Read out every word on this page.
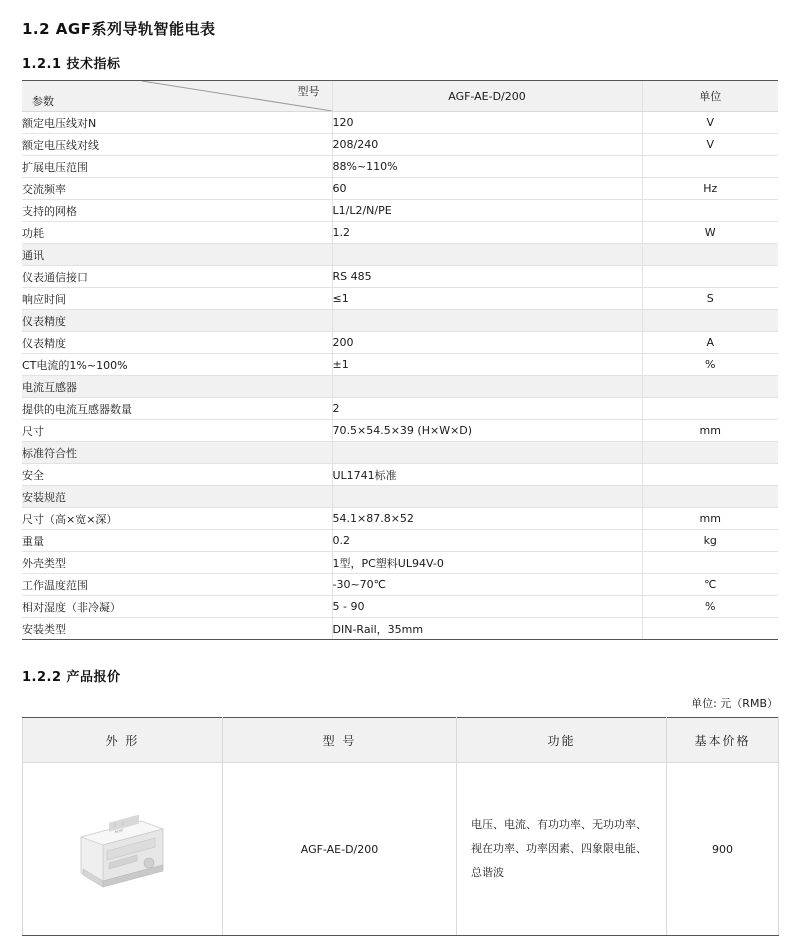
1.2 AGF系列导轨智能电表
1.2.1 技术指标
型号
参数	AGF-AE-D/200	单位
额定电压线对N	120	V
额定电压线对线	208/240	V
扩展电压范围	88%~110%	
交流频率	60	Hz
支持的网格	L1/L2/N/PE	
功耗	1.2	W
通讯		
仪表通信接口	RS 485	
响应时间	≤1	S
仪表精度		
仪表精度	200	A
CT电流的1%~100%	±1	%
电流互感器		
提供的电流互感器数量	2	
尺寸	70.5×54.5×39 (H×W×D)	mm
标准符合性		
安全	UL1741标准	
安装规范		
尺寸（高×宽×深）	54.1×87.8×52	mm
重量	0.2	kg
外壳类型	1型，PC塑料UL94V-0	
工作温度范围	-30~70℃	℃
相对湿度（非冷凝）	5 - 90	%
安装类型	DIN-Rail，35mm	
1.2.2 产品报价
单位: 元（RMB）
外 形	型 号	功能	基本价格

Acrel	AGF-AE-D/200	电压、电流、有功功率、无功功率、
视在功率、功率因素、四象限电能、
总谐波	900
